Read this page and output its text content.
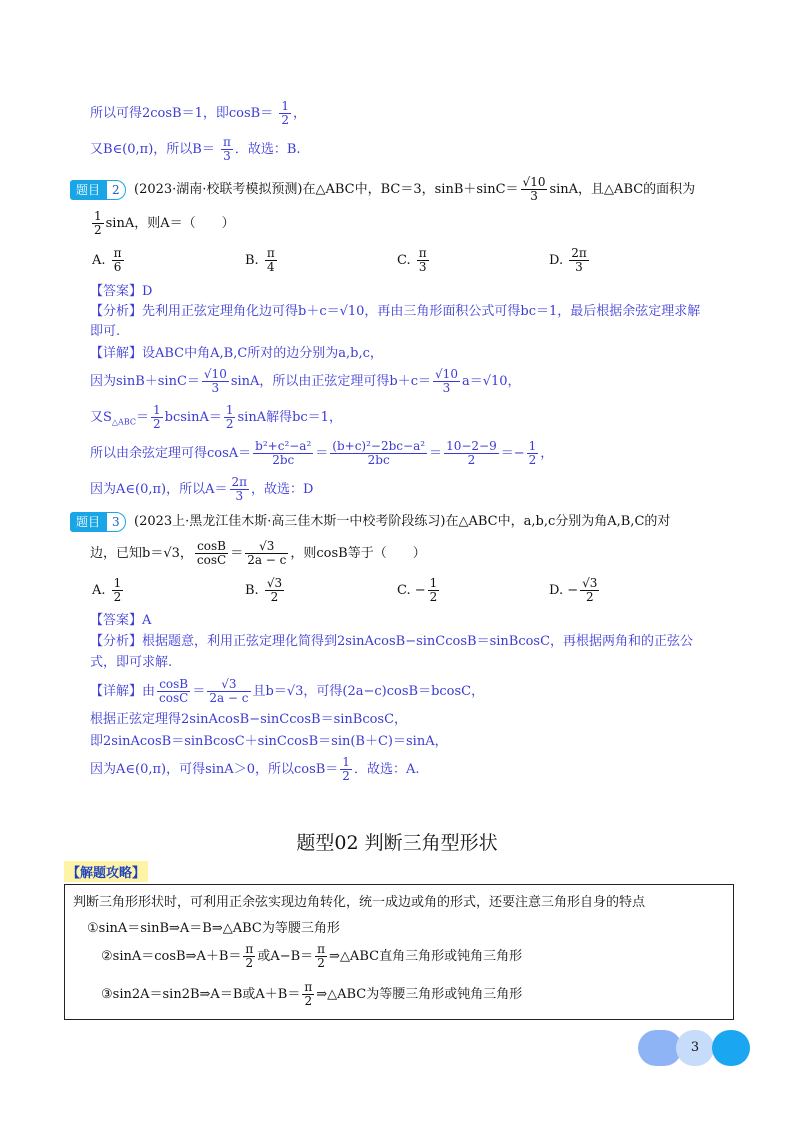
所以可得2cosB＝1，即$\cos B= \frac{1}{2}$ ，
又B∈(0,π)，所以$B= \frac{\pi}{3}$ ．故选：B.
题目	2	(2023·湖南·校联考模拟预测)在△ABC中，BC＝3，$\sin B+\sin C= \frac{√10}{3}$ sinA，且△ABC的面积为
$\frac{1}{2}$ sinA，则A＝（　　）
A. $\frac{\pi}{6}$	B. $\frac{\pi}{4}$	C. $\frac{\pi}{3}$	D. $\frac{2\pi}{3}$
【答案】D
【分析】先利用正弦定理角化边可得b＋c＝√10，再由三角形面积公式可得bc＝1，最后根据余弦定理求解
即可.
【详解】设ABC中角A,B,C所对的边分别为a,b,c，
因为$\sin B+\sin C= \frac{√10}{3}$ sinA，所以由正弦定理可得$b+c= \frac{√10}{3} a=√10$，
又$S_{\triangle ABC}= \frac{1}{2} bcsinA= \frac{1}{2}$ sinA解得bc＝1，
所以由余弦定理可得$\cos A= \frac{\text{b²+c²−a²}}{2bc} = \frac{\text{(b+c)²−2bc−a²}}{2bc} = \frac{10-2-9}{2} =- \frac{1}{2}$ ，
因为A∈(0,π)，所以$A= \frac{2\pi}{3}$ ，故选：D
题目	3	(2023上·黑龙江佳木斯·高三佳木斯一中校考阶段练习)在△ABC中，a,b,c分别为角A,B,C的对
边，已知b＝√3， $\frac{\cos B}{\cos C} = \frac{√3}{2a - c}$ ，则cosB等于（　　）
A. $\frac{1}{2}$	B. $\frac{√3}{2}$	C. − $\frac{1}{2}$	D. − $\frac{√3}{2}$
【答案】A
【分析】根据题意，利用正弦定理化简得到2sinAcosB−sinCcosB＝sinBcosC，再根据两角和的正弦公
式，即可求解.
【详解】由 $\frac{\cos B}{\cos C} = \frac{√3}{2a - c}$ 且b＝√3，可得(2a−c)cosB＝bcosC，
根据正弦定理得2sinAcosB−sinCcosB＝sinBcosC，
即2sinAcosB＝sinBcosC＋sinCcosB＝sin(B＋C)＝sinA，
因为A∈(0,π)，可得sinA＞0，所以$\cos B= \frac{1}{2}$ ．故选：A.
题型02 判断三角型形状
【解题攻略】
判断三角形形状时，可利用正余弦实现边角转化，统一成边或角的形式，还要注意三角形自身的特点
①sinA＝sinB⇒A＝B⇒△ABC为等腰三角形
②sinA＝cosB⇒A＋B＝ $\frac{\pi}{2}$ 或$A-B= \frac{\pi}{2}$ ⇒△ABC直角三角形或钝角三角形
③sin2A＝sin2B⇒A＝B或$A+B= \frac{\pi}{2}$ ⇒△ABC为等腰三角形或钝角三角形
3
